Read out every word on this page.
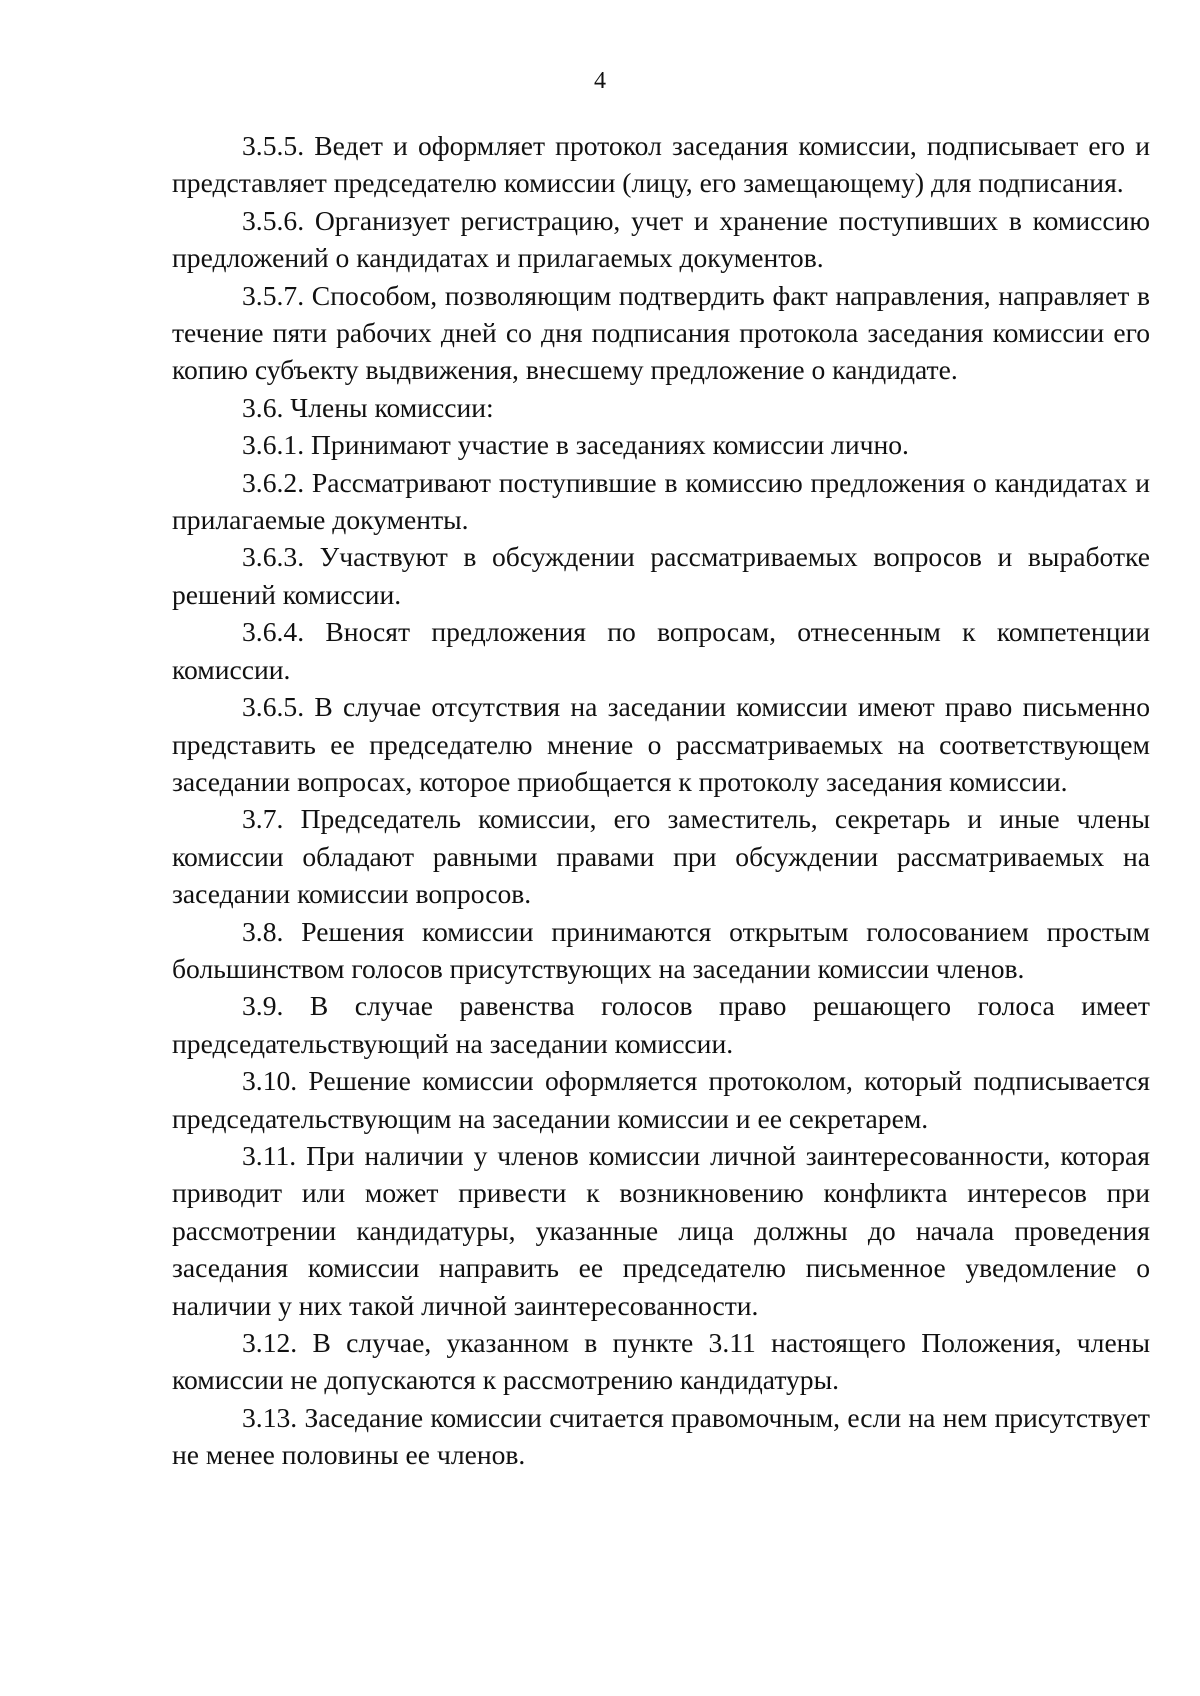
4

3.5.5. Ведет и оформляет протокол заседания комиссии, подписывает его и представляет председателю комиссии (лицу, его замещающему) для подписания.

3.5.6. Организует регистрацию, учет и хранение поступивших в комиссию предложений о кандидатах и прилагаемых документов.

3.5.7. Способом, позволяющим подтвердить факт направления, направляет в течение пяти рабочих дней со дня подписания протокола заседания комиссии его копию субъекту выдвижения, внесшему предложение о кандидате.

3.6. Члены комиссии:

3.6.1. Принимают участие в заседаниях комиссии лично.

3.6.2. Рассматривают поступившие в комиссию предложения о кандидатах и прилагаемые документы.

3.6.3. Участвуют в обсуждении рассматриваемых вопросов и выработке решений комиссии.

3.6.4. Вносят предложения по вопросам, отнесенным к компетенции комиссии.

3.6.5. В случае отсутствия на заседании комиссии имеют право письменно представить ее председателю мнение о рассматриваемых на соответствующем заседании вопросах, которое приобщается к протоколу заседания комиссии.

3.7. Председатель комиссии, его заместитель, секретарь и иные члены комиссии обладают равными правами при обсуждении рассматриваемых на заседании комиссии вопросов.

3.8. Решения комиссии принимаются открытым голосованием простым большинством голосов присутствующих на заседании комиссии членов.

3.9. В случае равенства голосов право решающего голоса имеет председательствующий на заседании комиссии.

3.10. Решение комиссии оформляется протоколом, который подписывается председательствующим на заседании комиссии и ее секретарем.

3.11. При наличии у членов комиссии личной заинтересованности, которая приводит или может привести к возникновению конфликта интересов при рассмотрении кандидатуры, указанные лица должны до начала проведения заседания комиссии направить ее председателю письменное уведомление о наличии у них такой личной заинтересованности.

3.12. В случае, указанном в пункте 3.11 настоящего Положения, члены комиссии не допускаются к рассмотрению кандидатуры.

3.13. Заседание комиссии считается правомочным, если на нем присутствует не менее половины ее членов.
